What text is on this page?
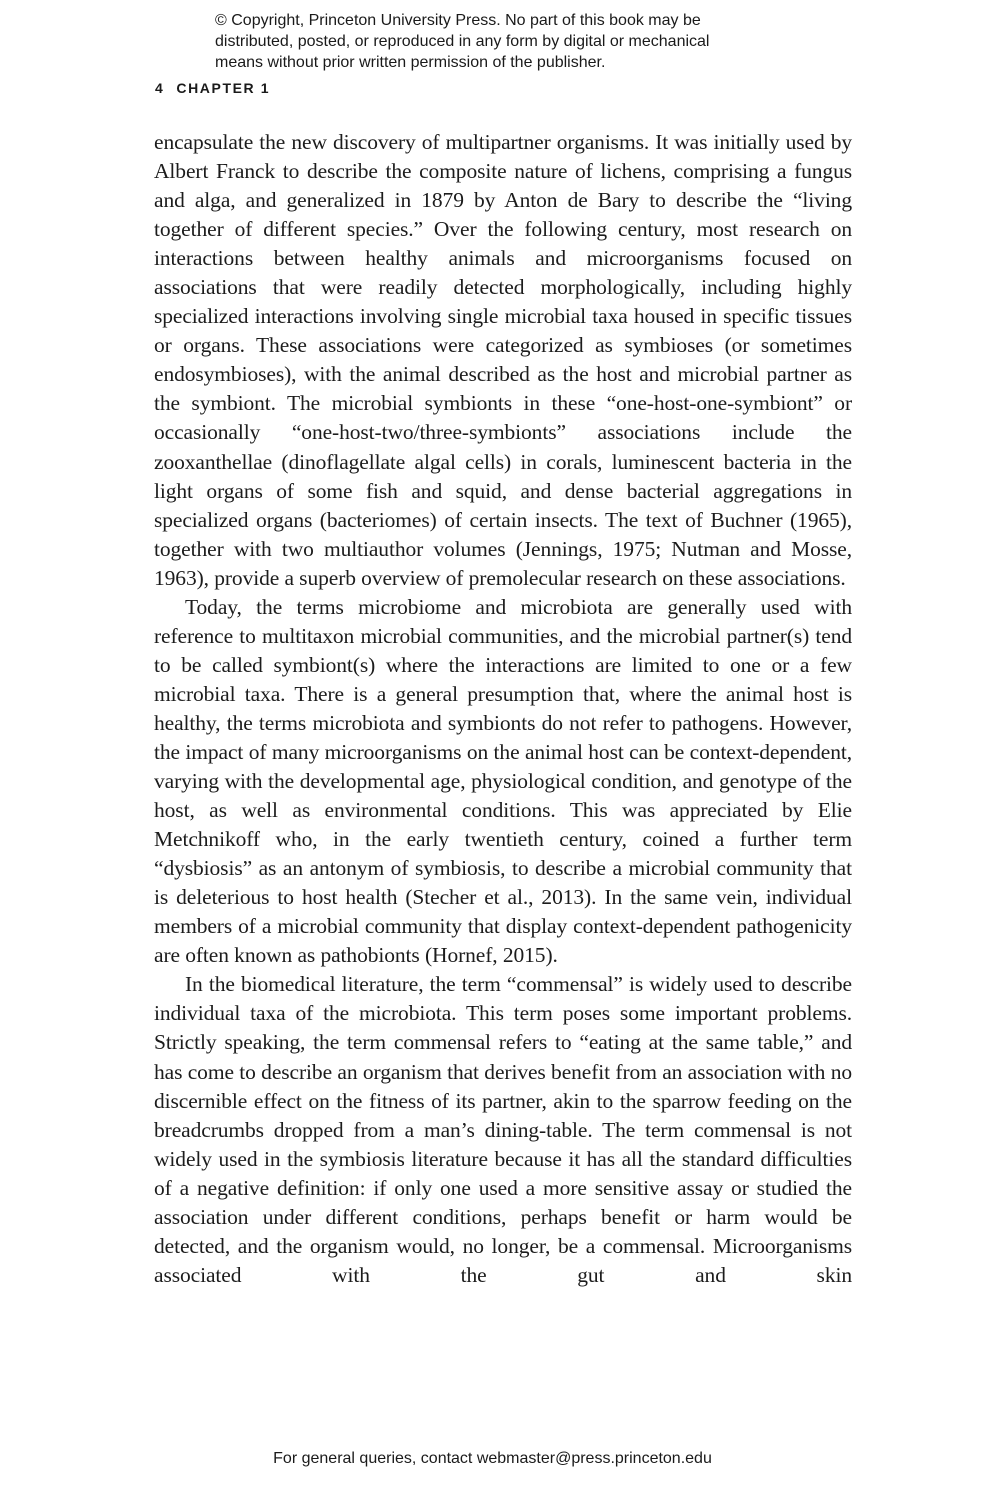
© Copyright, Princeton University Press. No part of this book may be
distributed, posted, or reproduced in any form by digital or mechanical
means without prior written permission of the publisher.
4 CHAPTER 1

encapsulate the new discovery of multipartner organisms. It was initially used by Albert Franck to describe the composite nature of lichens, comprising a fungus and alga, and generalized in 1879 by Anton de Bary to describe the “living together of different species.” Over the following century, most research on interactions between healthy animals and microorganisms focused on associations that were readily detected morphologically, including highly specialized interactions involving single microbial taxa housed in specific tissues or organs. These associations were categorized as symbioses (or sometimes endosymbioses), with the animal described as the host and microbial partner as the symbiont. The microbial symbionts in these “one-host-one-symbiont” or occasionally “one-host-two/three-symbionts” associations include the zooxanthellae (dinoflagellate algal cells) in corals, luminescent bacteria in the light organs of some fish and squid, and dense bacterial aggregations in specialized organs (bacteriomes) of certain insects. The text of Buchner (1965), together with two multiauthor volumes (Jennings, 1975; Nutman and Mosse, 1963), provide a superb overview of premolecular research on these associations.

Today, the terms microbiome and microbiota are generally used with reference to multitaxon microbial communities, and the microbial partner(s) tend to be called symbiont(s) where the interactions are limited to one or a few microbial taxa. There is a general presumption that, where the animal host is healthy, the terms microbiota and symbionts do not refer to pathogens. However, the impact of many microorganisms on the animal host can be context-dependent, varying with the developmental age, physiological condition, and genotype of the host, as well as environmental conditions. This was appreciated by Elie Metchnikoff who, in the early twentieth century, coined a further term “dysbiosis” as an antonym of symbiosis, to describe a microbial community that is deleterious to host health (Stecher et al., 2013). In the same vein, individual members of a microbial community that display context-dependent pathogenicity are often known as pathobionts (Hornef, 2015).

In the biomedical literature, the term “commensal” is widely used to describe individual taxa of the microbiota. This term poses some important problems. Strictly speaking, the term commensal refers to “eating at the same table,” and has come to describe an organism that derives benefit from an association with no discernible effect on the fitness of its partner, akin to the sparrow feeding on the breadcrumbs dropped from a man’s dining-table. The term commensal is not widely used in the symbiosis literature because it has all the standard difficulties of a negative definition: if only one used a more sensitive assay or studied the association under different conditions, perhaps benefit or harm would be detected, and the organism would, no longer, be a commensal. Microorganisms associated with the gut and skin

For general queries, contact webmaster@press.princeton.edu
